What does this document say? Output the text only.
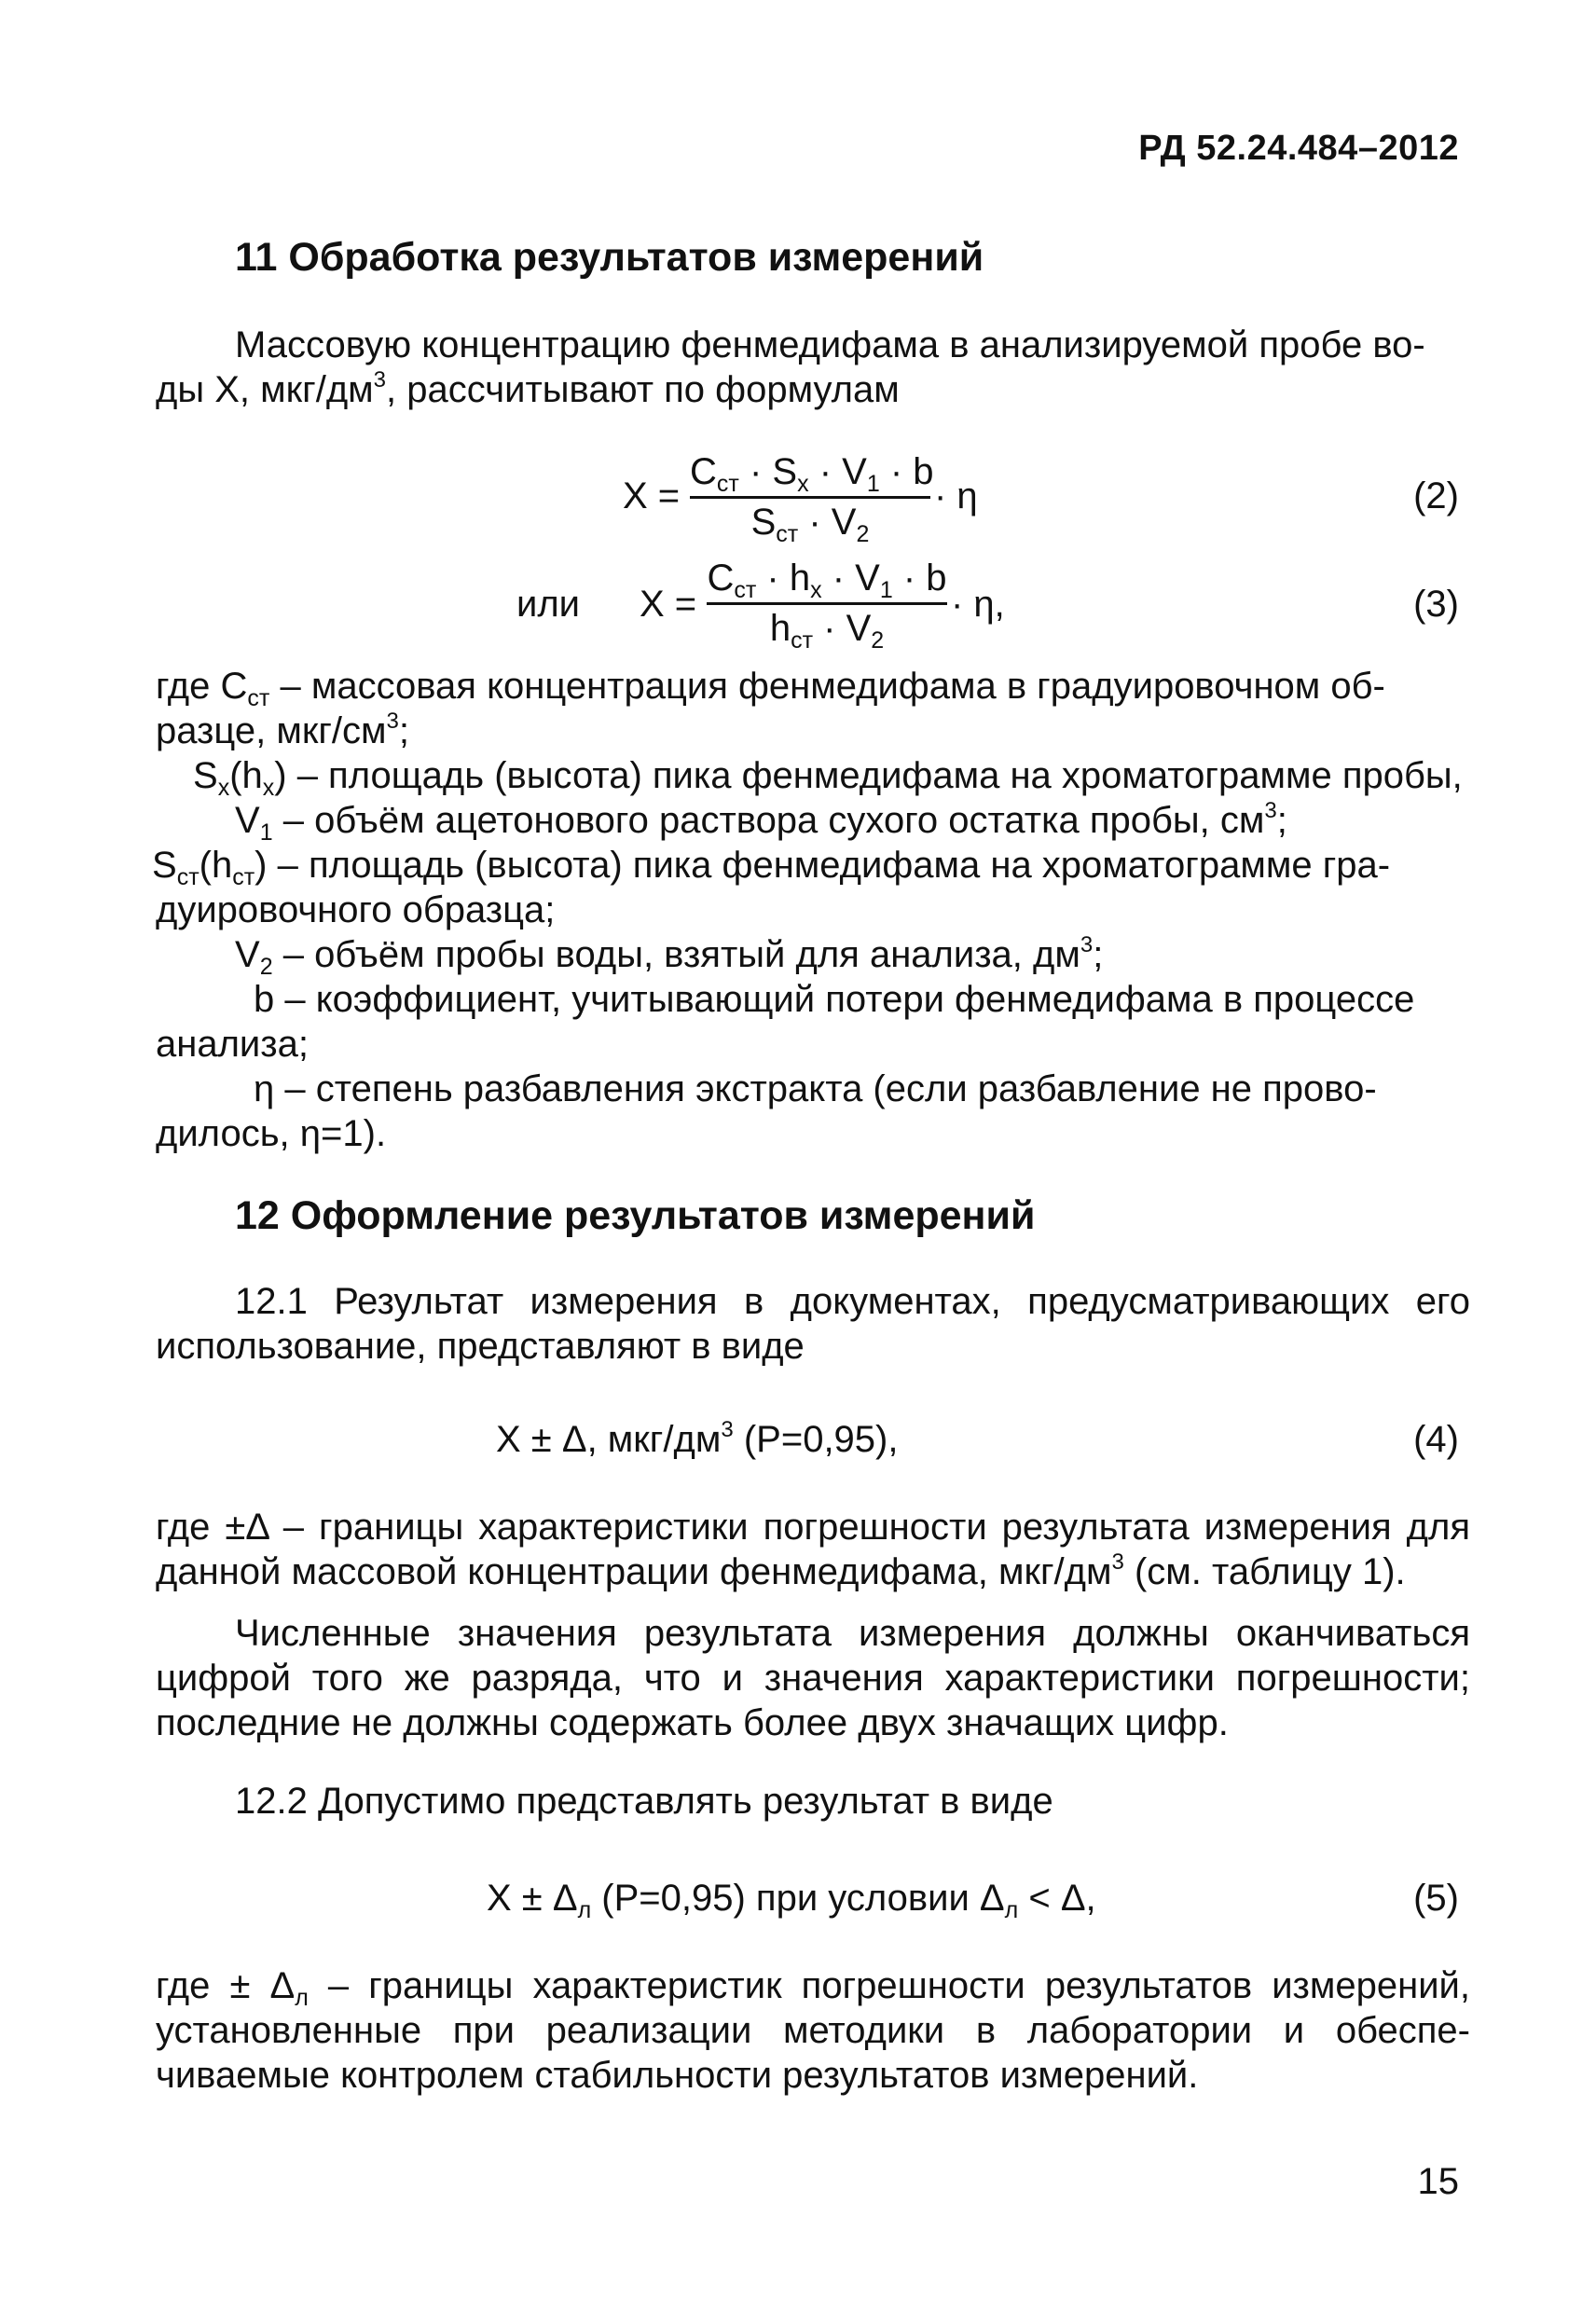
РД 52.24.484–2012
11 Обработка результатов измерений
Массовую концентрацию фенмедифама в анализируемой пробе во-
ды X, мкг/$дм^3$, рассчитывают по формулам
X =
$C_{ст} \cdot S_x \cdot V_1 \cdot b$
$S_{ст} \cdot V_2$
· η	(2)
или X =
$C_{ст} \cdot h_x \cdot V_1 \cdot b$
$h_{ст} \cdot V_2$
· η,	(3)
где $С_{ст}$ – массовая концентрация фенмедифама в градуировочном об-
разце, мкг/$см^3$;
$S_x(h_x)$ – площадь (высота) пика фенмедифама на хроматограмме пробы,
$V_1$ – объём ацетонового раствора сухого остатка пробы, $см^3$;
$S_{ст}(h_{ст})$ – площадь (высота) пика фенмедифама на хроматограмме гра-
дуировочного образца;
$V_2$ – объём пробы воды, взятый для анализа, $дм^3$;
b – коэффициент, учитывающий потери фенмедифама в процессе
анализа;
η – степень разбавления экстракта (если разбавление не прово-
дилось, η=1).
12 Оформление результатов измерений

12.1 Результат измерения в документах, предусматривающих его использование, представляют в виде

X ± Δ, мкг/$дм^3$ (Р=0,95),	(4)

где ±Δ – границы характеристики погрешности результата измерения для данной массовой концентрации фенмедифама, мкг/$дм^3$ (см. таблицу 1).

Численные значения результата измерения должны оканчиваться цифрой того же разряда, что и значения характеристики погрешности; последние не должны содержать более двух значащих цифр.

12.2 Допустимо представлять результат в виде
$X \pm \Delta_л$ (Р=0,95) при условии $\Delta_л < \Delta$,	(5)

где ± $\Delta_л$ – границы характеристик погрешности результатов измерений, установленные при реализации методики в лаборатории и обеспе-чиваемые контролем стабильности результатов измерений.

15
